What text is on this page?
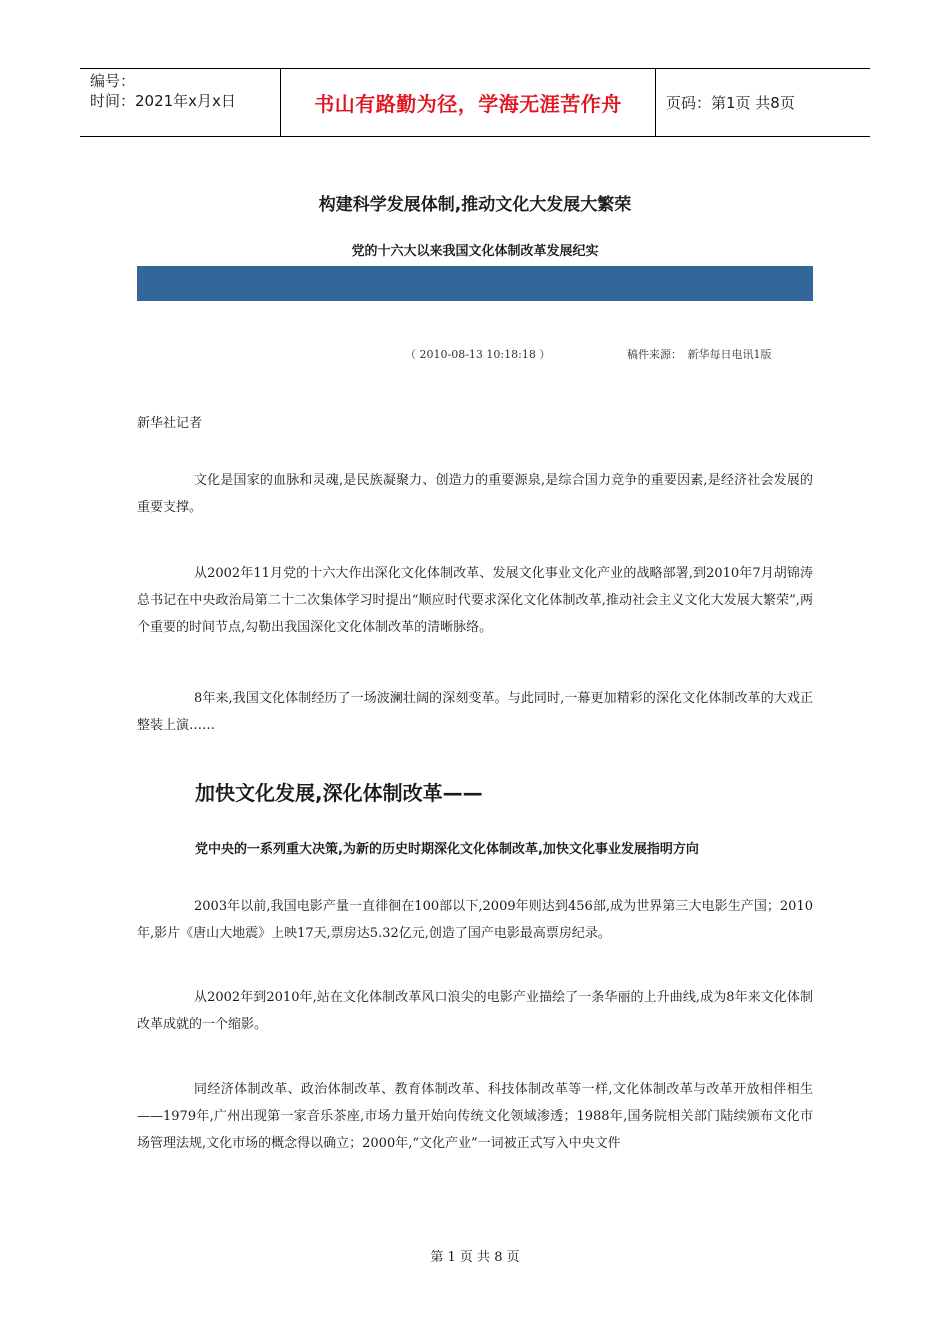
编号：
时间：2021年x月x日	书山有路勤为径，学海无涯苦作舟	页码：第1页 共8页
构建科学发展体制,推动文化大发展大繁荣
党的十六大以来我国文化体制改革发展纪实
（ 2010-08-13 10:18:18 ）	稿件来源：　新华每日电讯1版

新华社记者

文化是国家的血脉和灵魂,是民族凝聚力、创造力的重要源泉,是综合国力竞争的重要因素,是经济社会发展的重要支撑。

从2002年11月党的十六大作出深化文化体制改革、发展文化事业文化产业的战略部署,到2010年7月胡锦涛总书记在中央政治局第二十二次集体学习时提出“顺应时代要求深化文化体制改革,推动社会主义文化大发展大繁荣”,两个重要的时间节点,勾勒出我国深化文化体制改革的清晰脉络。

8年来,我国文化体制经历了一场波澜壮阔的深刻变革。与此同时,一幕更加精彩的深化文化体制改革的大戏正整装上演……

加快文化发展,深化体制改革——
党中央的一系列重大决策,为新的历史时期深化文化体制改革,加快文化事业发展指明方向

2003年以前,我国电影产量一直徘徊在100部以下,2009年则达到456部,成为世界第三大电影生产国；2010年,影片《唐山大地震》上映17天,票房达5.32亿元,创造了国产电影最高票房纪录。

从2002年到2010年,站在文化体制改革风口浪尖的电影产业描绘了一条华丽的上升曲线,成为8年来文化体制改革成就的一个缩影。

同经济体制改革、政治体制改革、教育体制改革、科技体制改革等一样,文化体制改革与改革开放相伴相生——1979年,广州出现第一家音乐茶座,市场力量开始向传统文化领域渗透；1988年,国务院相关部门陆续颁布文化市场管理法规,文化市场的概念得以确立；2000年,“文化产业”一词被正式写入中央文件

第 1 页 共 8 页
